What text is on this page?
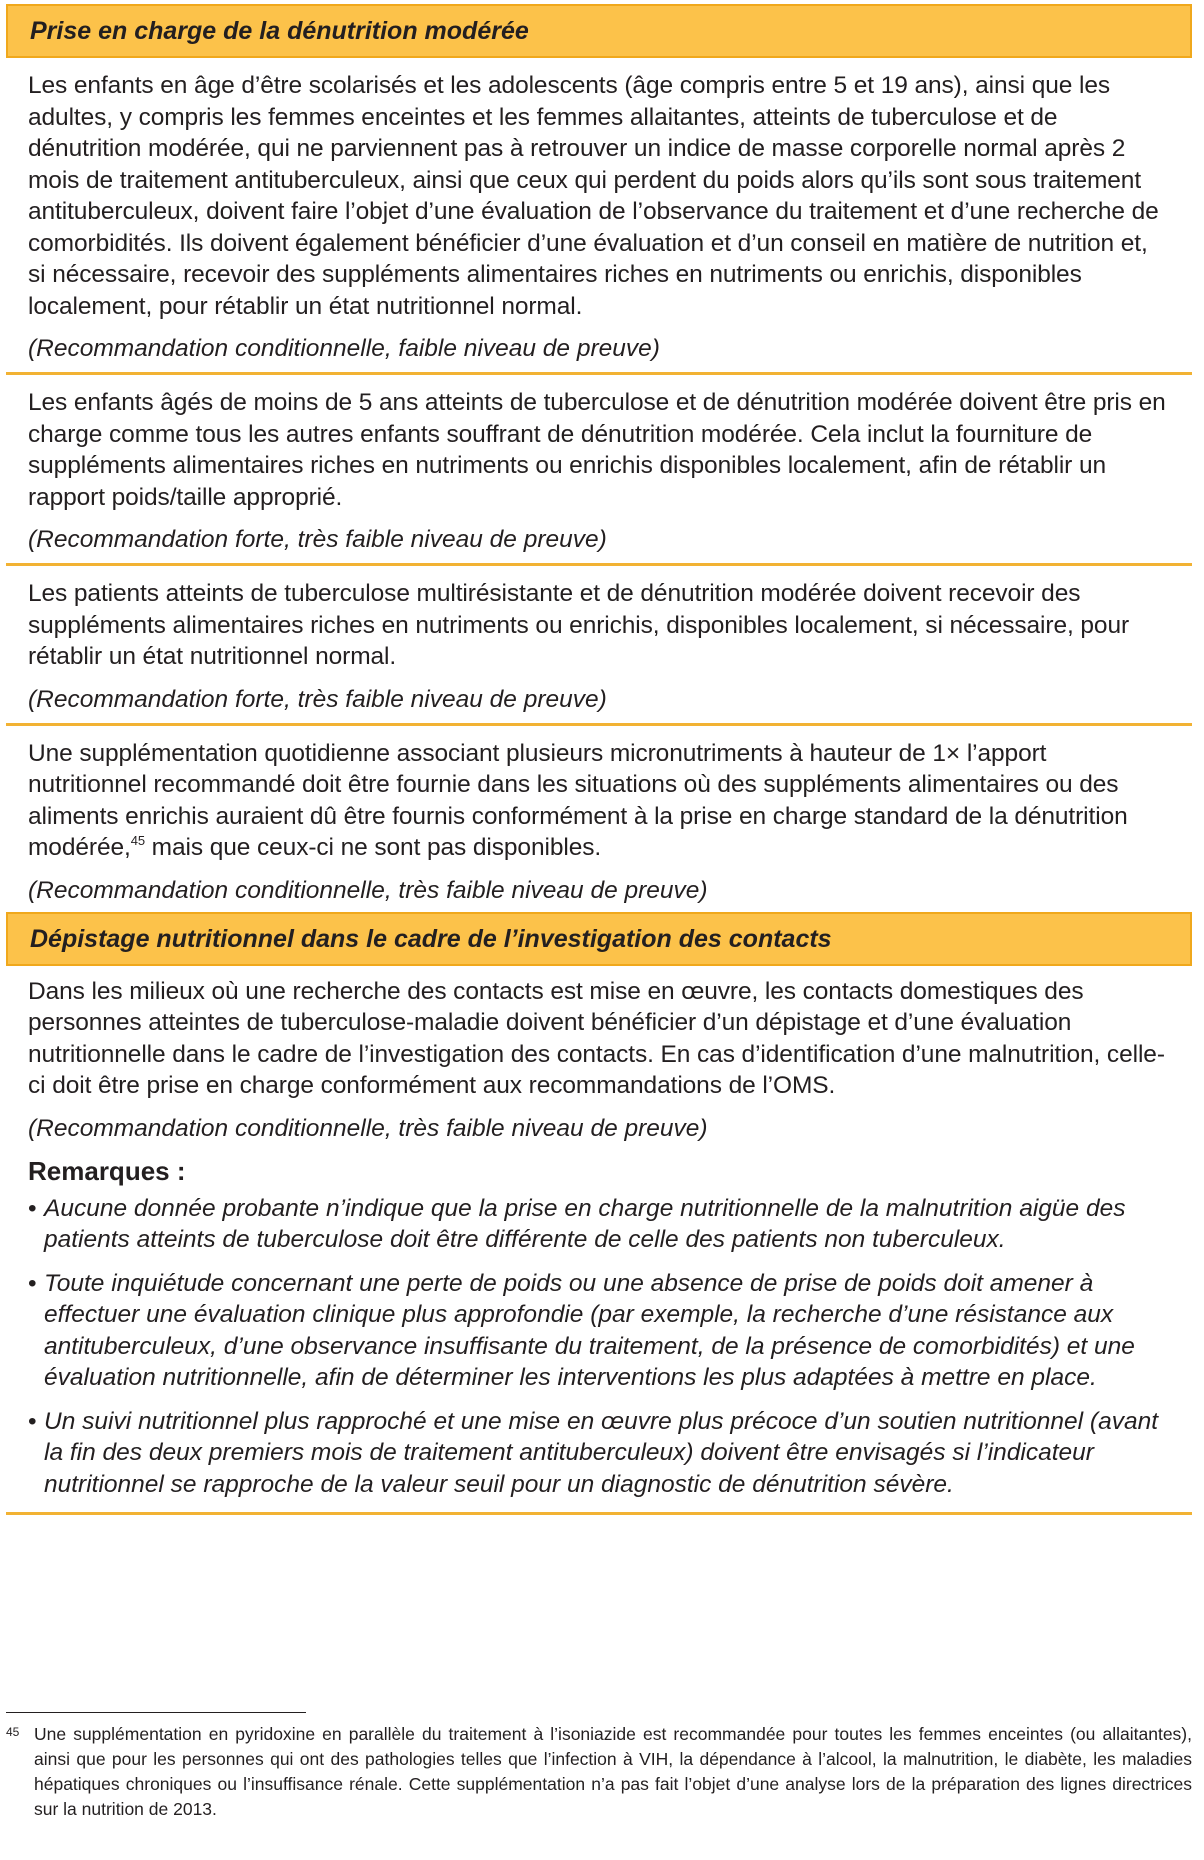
Prise en charge de la dénutrition modérée

Les enfants en âge d’être scolarisés et les adolescents (âge compris entre 5 et 19 ans), ainsi que les adultes, y compris les femmes enceintes et les femmes allaitantes, atteints de tuberculose et de dénutrition modérée, qui ne parviennent pas à retrouver un indice de masse corporelle normal après 2 mois de traitement antituberculeux, ainsi que ceux qui perdent du poids alors qu’ils sont sous traitement antituberculeux, doivent faire l’objet d’une évaluation de l’observance du traitement et d’une recherche de comorbidités. Ils doivent également bénéficier d’une évaluation et d’un conseil en matière de nutrition et, si nécessaire, recevoir des suppléments alimentaires riches en nutriments ou enrichis, disponibles localement, pour rétablir un état nutritionnel normal.

(Recommandation conditionnelle, faible niveau de preuve)

Les enfants âgés de moins de 5 ans atteints de tuberculose et de dénutrition modérée doivent être pris en charge comme tous les autres enfants souffrant de dénutrition modérée. Cela inclut la fourniture de suppléments alimentaires riches en nutriments ou enrichis disponibles localement, afin de rétablir un rapport poids/taille approprié.

(Recommandation forte, très faible niveau de preuve)

Les patients atteints de tuberculose multirésistante et de dénutrition modérée doivent recevoir des suppléments alimentaires riches en nutriments ou enrichis, disponibles localement, si nécessaire, pour rétablir un état nutritionnel normal.

(Recommandation forte, très faible niveau de preuve)

Une supplémentation quotidienne associant plusieurs micronutriments à hauteur de 1× l’apport nutritionnel recommandé doit être fournie dans les situations où des suppléments alimentaires ou des aliments enrichis auraient dû être fournis conformément à la prise en charge standard de la dénutrition modérée,$^{45}$ mais que ceux-ci ne sont pas disponibles.

(Recommandation conditionnelle, très faible niveau de preuve)

Dépistage nutritionnel dans le cadre de l’investigation des contacts

Dans les milieux où une recherche des contacts est mise en œuvre, les contacts domestiques des personnes atteintes de tuberculose-maladie doivent bénéficier d’un dépistage et d’une évaluation nutritionnelle dans le cadre de l’investigation des contacts. En cas d’identification d’une malnutrition, celle-ci doit être prise en charge conformément aux recommandations de l’OMS.

(Recommandation conditionnelle, très faible niveau de preuve)

Remarques :
• Aucune donnée probante n’indique que la prise en charge nutritionnelle de la malnutrition aigüe des patients atteints de tuberculose doit être différente de celle des patients non tuberculeux.
• Toute inquiétude concernant une perte de poids ou une absence de prise de poids doit amener à effectuer une évaluation clinique plus approfondie (par exemple, la recherche d’une résistance aux antituberculeux, d’une observance insuffisante du traitement, de la présence de comorbidités) et une évaluation nutritionnelle, afin de déterminer les interventions les plus adaptées à mettre en place.
• Un suivi nutritionnel plus rapproché et une mise en œuvre plus précoce d’un soutien nutritionnel (avant la fin des deux premiers mois de traitement antituberculeux) doivent être envisagés si l’indicateur nutritionnel se rapproche de la valeur seuil pour un diagnostic de dénutrition sévère.
45 Une supplémentation en pyridoxine en parallèle du traitement à l’isoniazide est recommandée pour toutes les femmes enceintes (ou allaitantes), ainsi que pour les personnes qui ont des pathologies telles que l’infection à VIH, la dépendance à l’alcool, la malnutrition, le diabète, les maladies hépatiques chroniques ou l’insuffisance rénale. Cette supplémentation n’a pas fait l’objet d’une analyse lors de la préparation des lignes directrices sur la nutrition de 2013.
